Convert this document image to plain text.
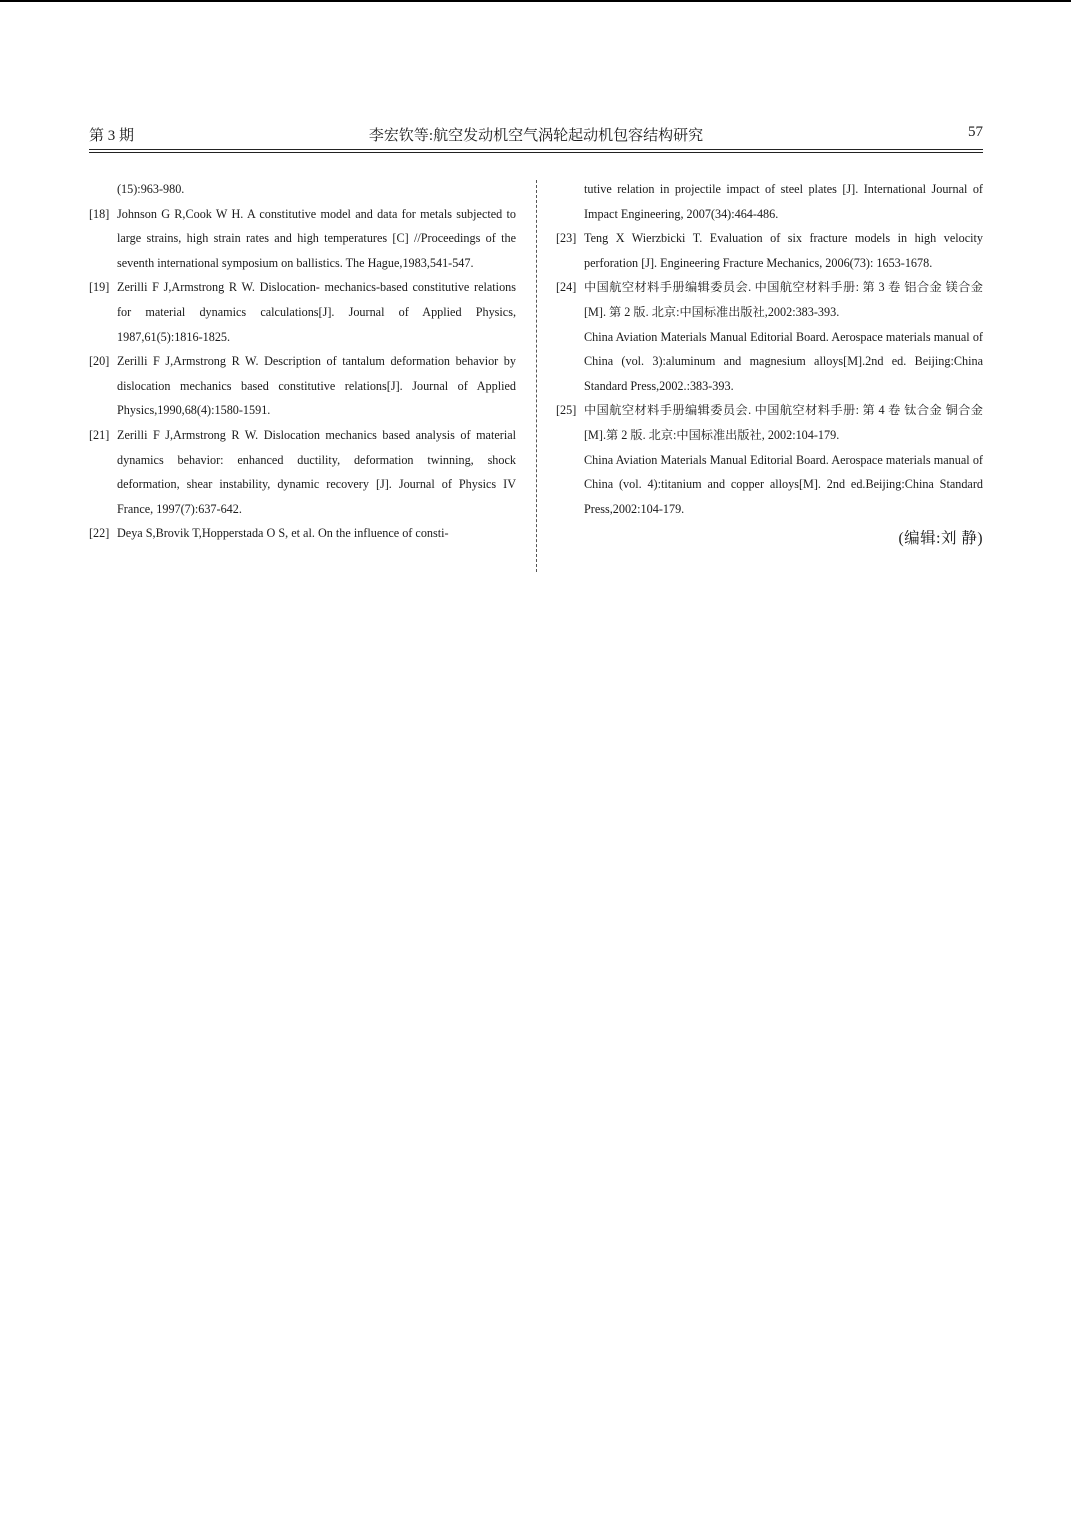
李宏钦等:航空发动机空气涡轮起动机包容结构研究
第 3 期	57
(15):963-980.
[18] Johnson G R,Cook W H. A constitutive model and data for metals subjected to large strains, high strain rates and high temperatures [C] //Proceedings of the seventh international symposium on ballistics. The Hague,1983,541-547.
[19] Zerilli F J,Armstrong R W. Dislocation- mechanics-based constitutive relations for material dynamics calculations[J]. Journal of Applied Physics, 1987,61(5):1816-1825.
[20] Zerilli F J,Armstrong R W. Description of tantalum deformation behavior by dislocation mechanics based constitutive relations[J]. Journal of Applied Physics,1990,68(4):1580-1591.
[21] Zerilli F J,Armstrong R W. Dislocation mechanics based analysis of material dynamics behavior: enhanced ductility, deformation twinning, shock deformation, shear instability, dynamic recovery [J]. Journal of Physics IV France, 1997(7):637-642.
[22] Deya S,Brovik T,Hopperstada O S, et al. On the influence of consti-
tutive relation in projectile impact of steel plates [J]. International Journal of Impact Engineering, 2007(34):464-486.
[23] Teng X Wierzbicki T. Evaluation of six fracture models in high velocity perforation [J]. Engineering Fracture Mechanics, 2006(73): 1653-1678.
[24] 中国航空材料手册编辑委员会. 中国航空材料手册: 第 3 卷 铝合金 镁合金[M]. 第 2 版. 北京:中国标准出版社,2002:383-393.
China Aviation Materials Manual Editorial Board. Aerospace materials manual of China (vol. 3):aluminum and magnesium alloys[M].2nd ed. Beijing:China Standard Press,2002.:383-393.
[25] 中国航空材料手册编辑委员会. 中国航空材料手册: 第 4 卷 钛合金 铜合金[M].第 2 版. 北京:中国标准出版社, 2002:104-179.
China Aviation Materials Manual Editorial Board. Aerospace materials manual of China (vol. 4):titanium and copper alloys[M]. 2nd ed.Beijing:China Standard Press,2002:104-179.
(编辑:刘 静)
